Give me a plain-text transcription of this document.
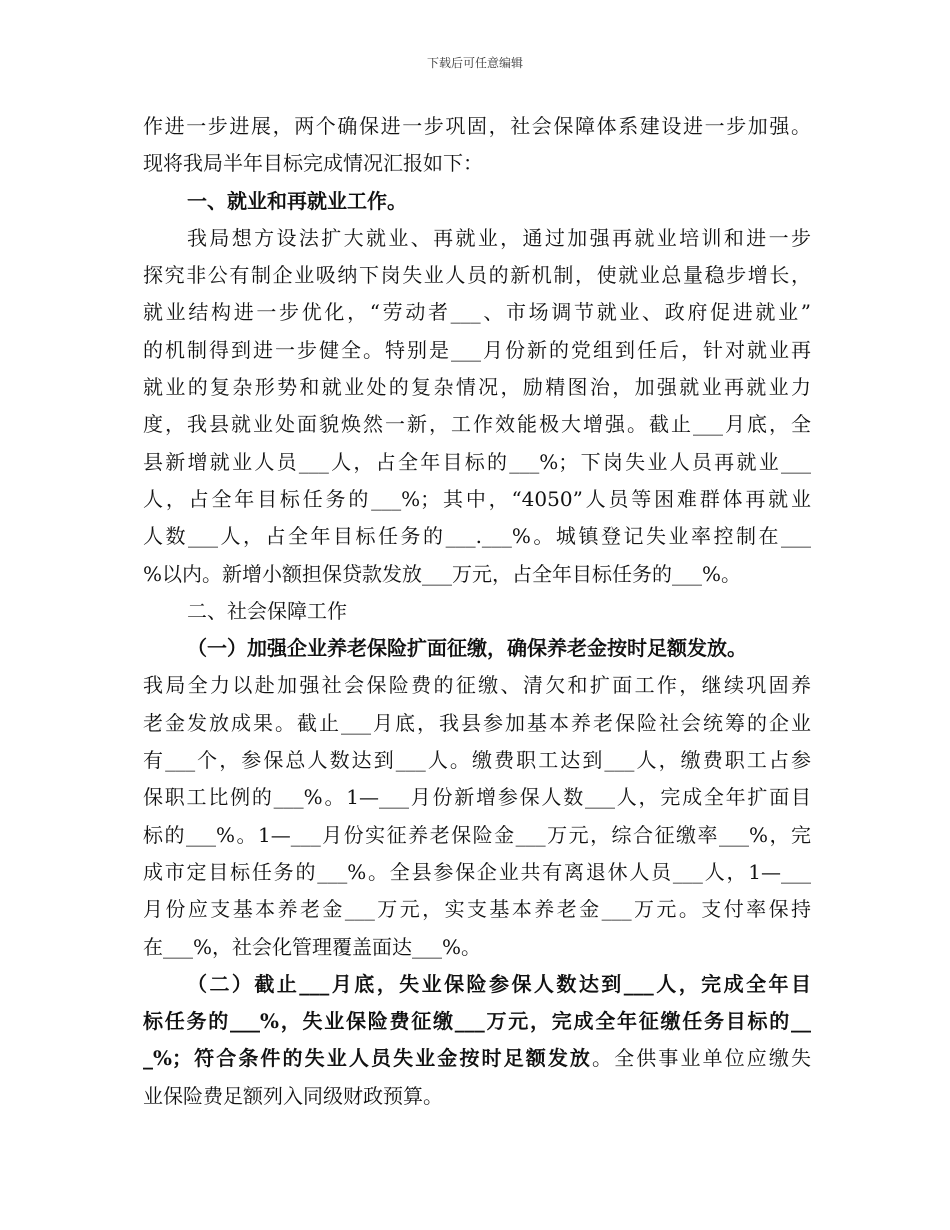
下载后可任意编辑
作进一步进展，两个确保进一步巩固，社会保障体系建设进一步加强。
现将我局半年目标完成情况汇报如下：
一、就业和再就业工作。
我局想方设法扩大就业、再就业，通过加强再就业培训和进一步
探究非公有制企业吸纳下岗失业人员的新机制，使就业总量稳步增长，
就业结构进一步优化，“劳动者___、市场调节就业、政府促进就业”
的机制得到进一步健全。特别是___月份新的党组到任后，针对就业再
就业的复杂形势和就业处的复杂情况，励精图治，加强就业再就业力
度，我县就业处面貌焕然一新，工作效能极大增强。截止___月底，全
县新增就业人员___人，占全年目标的___%；下岗失业人员再就业___
人，占全年目标任务的___%；其中，“4050”人员等困难群体再就业
人数___人，占全年目标任务的___.___%。城镇登记失业率控制在___
%以内。新增小额担保贷款发放___万元，占全年目标任务的___%。
二、社会保障工作
（一）加强企业养老保险扩面征缴，确保养老金按时足额发放。
我局全力以赴加强社会保险费的征缴、清欠和扩面工作，继续巩固养
老金发放成果。截止___月底，我县参加基本养老保险社会统筹的企业
有___个，参保总人数达到___人。缴费职工达到___人，缴费职工占参
保职工比例的___%。1—___月份新增参保人数___人，完成全年扩面目
标的___%。1—___月份实征养老保险金___万元，综合征缴率___%，完
成市定目标任务的___%。全县参保企业共有离退休人员___人，1—___
月份应支基本养老金___万元，实支基本养老金___万元。支付率保持
在___%，社会化管理覆盖面达___%。
（二）截止___月底，失业保险参保人数达到___人，完成全年目
标任务的___%，失业保险费征缴___万元，完成全年征缴任务目标的__
_%；符合条件的失业人员失业金按时足额发放。全供事业单位应缴失
业保险费足额列入同级财政预算。
